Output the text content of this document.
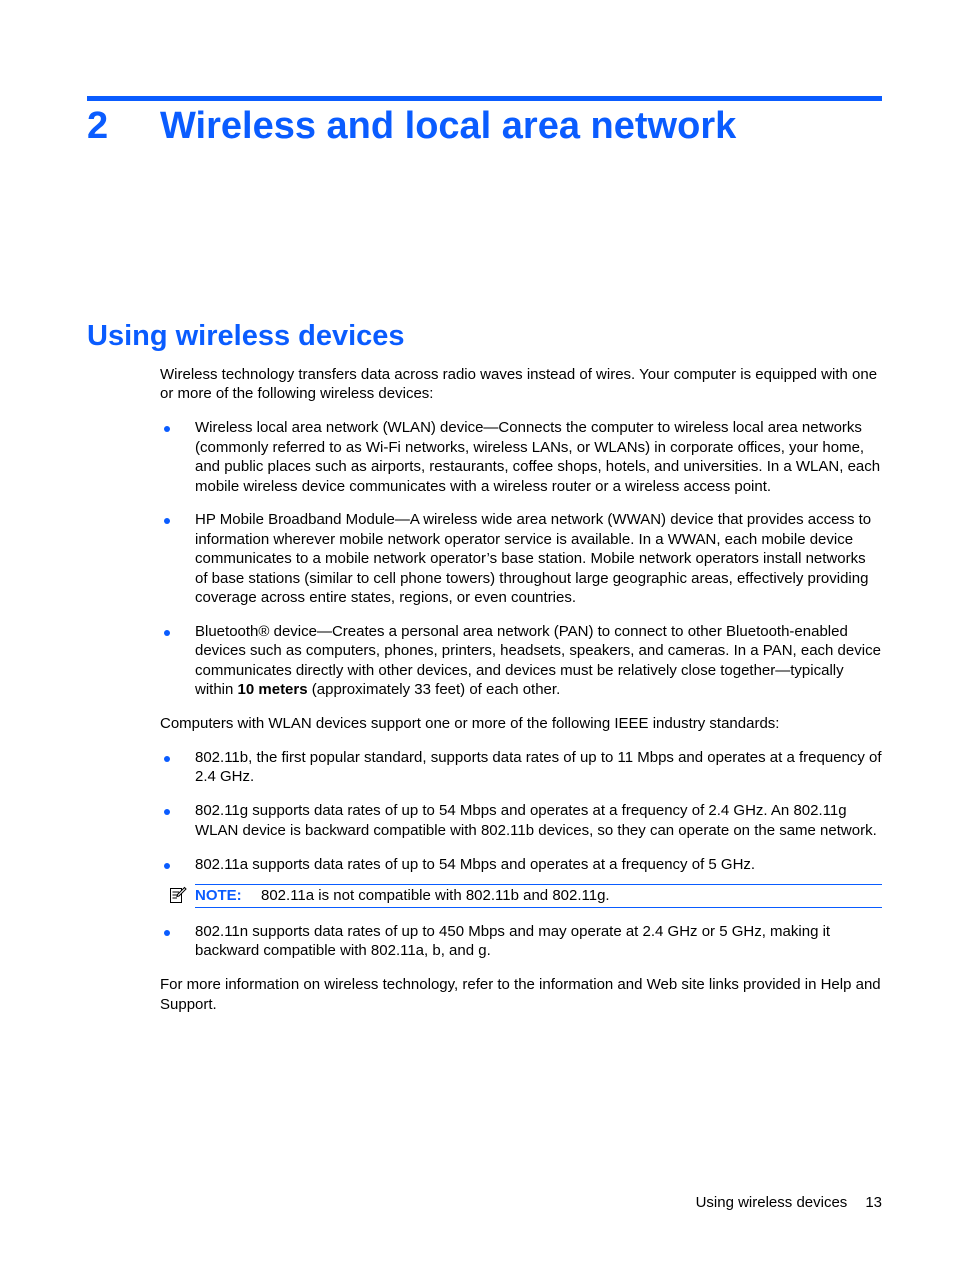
2 Wireless and local area network
Using wireless devices

Wireless technology transfers data across radio waves instead of wires. Your computer is equipped with one or more of the following wireless devices:

Wireless local area network (WLAN) device—Connects the computer to wireless local area networks (commonly referred to as Wi-Fi networks, wireless LANs, or WLANs) in corporate offices, your home, and public places such as airports, restaurants, coffee shops, hotels, and universities. In a WLAN, each mobile wireless device communicates with a wireless router or a wireless access point.
HP Mobile Broadband Module—A wireless wide area network (WWAN) device that provides access to information wherever mobile network operator service is available. In a WWAN, each mobile device communicates to a mobile network operator’s base station. Mobile network operators install networks of base stations (similar to cell phone towers) throughout large geographic areas, effectively providing coverage across entire states, regions, or even countries.
Bluetooth® device—Creates a personal area network (PAN) to connect to other Bluetooth-enabled devices such as computers, phones, printers, headsets, speakers, and cameras. In a PAN, each device communicates directly with other devices, and devices must be relatively close together—typically within 10 meters (approximately 33 feet) of each other.

Computers with WLAN devices support one or more of the following IEEE industry standards:

802.11b, the first popular standard, supports data rates of up to 11 Mbps and operates at a frequency of 2.4 GHz.
802.11g supports data rates of up to 54 Mbps and operates at a frequency of 2.4 GHz. An 802.11g WLAN device is backward compatible with 802.11b devices, so they can operate on the same network.
802.11a supports data rates of up to 54 Mbps and operates at a frequency of 5 GHz.
NOTE: 802.11a is not compatible with 802.11b and 802.11g.
802.11n supports data rates of up to 450 Mbps and may operate at 2.4 GHz or 5 GHz, making it backward compatible with 802.11a, b, and g.

For more information on wireless technology, refer to the information and Web site links provided in Help and Support.

Using wireless devices 13
